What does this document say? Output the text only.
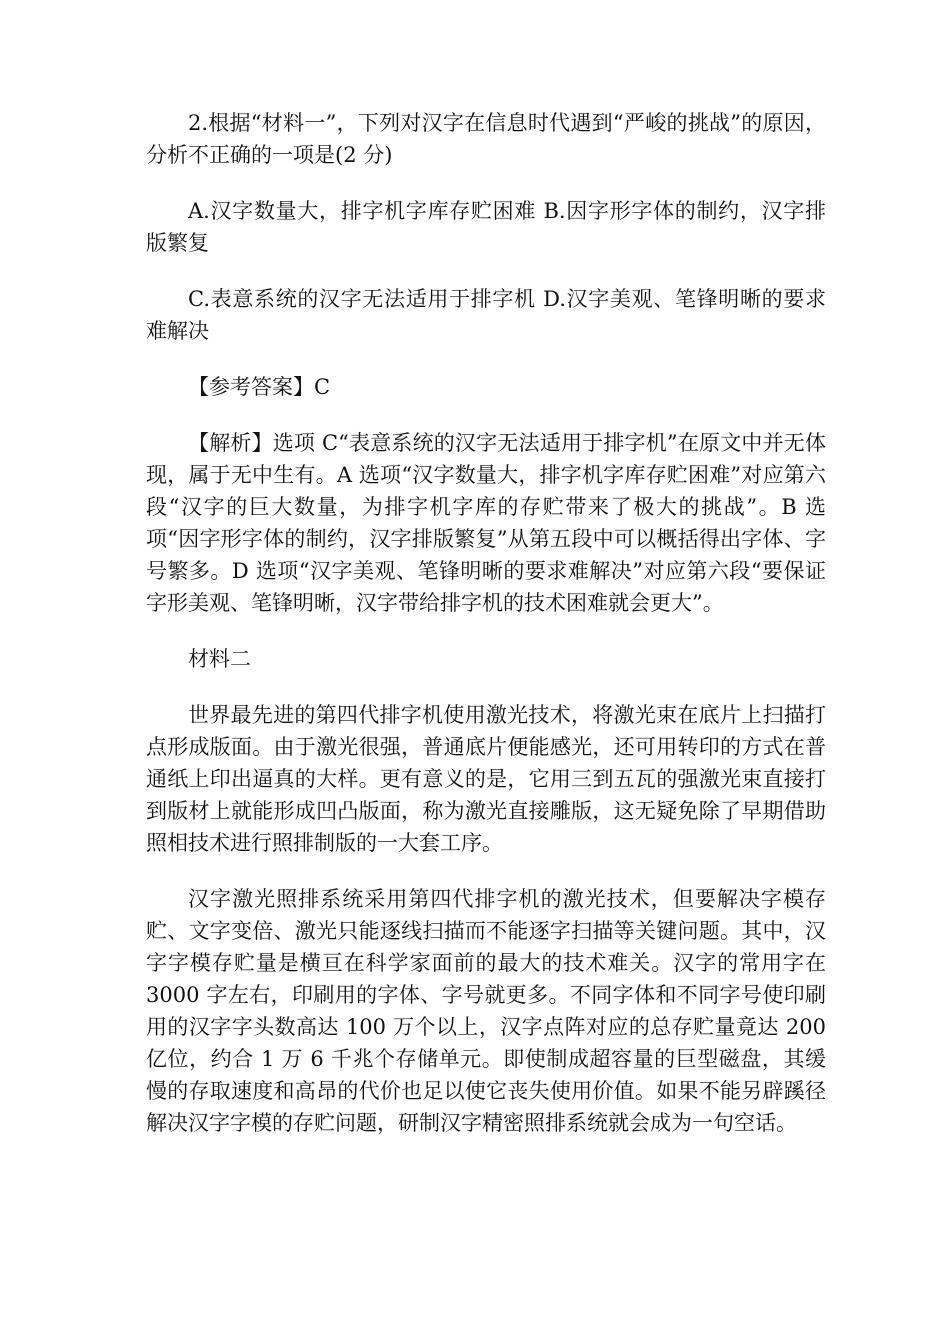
2.根据“材料一”，下列对汉字在信息时代遇到“严峻的挑战”的原因，分析不正确的一项是(2 分)

A.汉字数量大，排字机字库存贮困难 B.因字形字体的制约，汉字排版繁复

C.表意系统的汉字无法适用于排字机 D.汉字美观、笔锋明晰的要求难解决

【参考答案】C

【解析】选项 C“表意系统的汉字无法适用于排字机”在原文中并无体现，属于无中生有。A 选项“汉字数量大，排字机字库存贮困难”对应第六段“汉字的巨大数量，为排字机字库的存贮带来了极大的挑战”。B 选项“因字形字体的制约，汉字排版繁复”从第五段中可以概括得出字体、字号繁多。D 选项“汉字美观、笔锋明晰的要求难解决”对应第六段“要保证字形美观、笔锋明晰，汉字带给排字机的技术困难就会更大”。

材料二

世界最先进的第四代排字机使用激光技术，将激光束在底片上扫描打点形成版面。由于激光很强，普通底片便能感光，还可用转印的方式在普通纸上印出逼真的大样。更有意义的是，它用三到五瓦的强激光束直接打到版材上就能形成凹凸版面，称为激光直接雕版，这无疑免除了早期借助照相技术进行照排制版的一大套工序。

汉字激光照排系统采用第四代排字机的激光技术，但要解决字模存贮、文字变倍、激光只能逐线扫描而不能逐字扫描等关键问题。其中，汉字字模存贮量是横亘在科学家面前的最大的技术难关。汉字的常用字在 3000 字左右，印刷用的字体、字号就更多。不同字体和不同字号使印刷用的汉字字头数高达 100 万个以上，汉字点阵对应的总存贮量竟达 200 亿位，约合 1 万 6 千兆个存储单元。即使制成超容量的巨型磁盘，其缓慢的存取速度和高昂的代价也足以使它丧失使用价值。如果不能另辟蹊径解决汉字字模的存贮问题，研制汉字精密照排系统就会成为一句空话。
